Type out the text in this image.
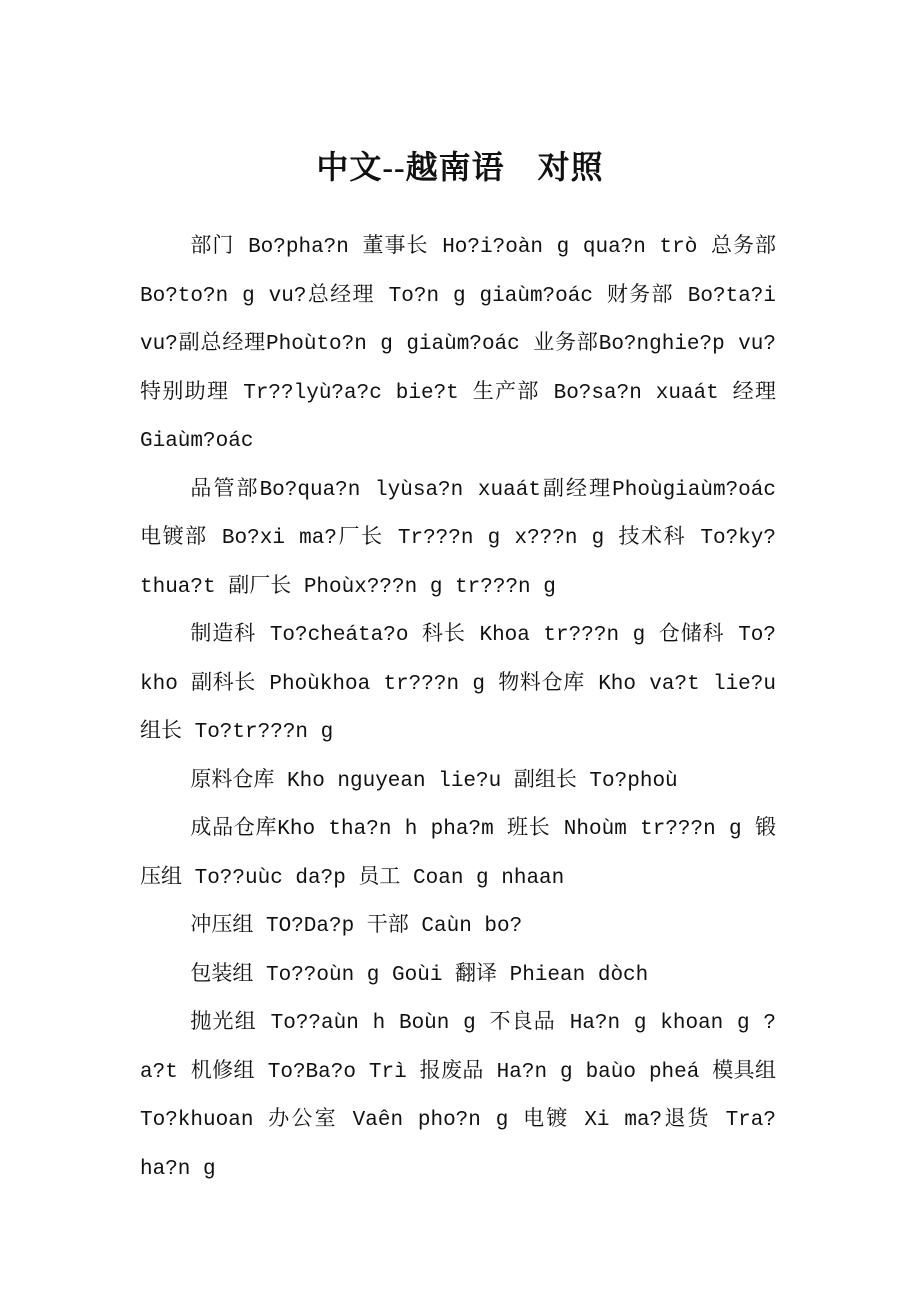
中文--越南语　对照

部门 Bo?pha?n 董事长 Ho?i?oàn g qua?n trò 总务部 Bo?to?n g vu?总经理 To?n g giaùm?oác 财务部 Bo?ta?i vu?副总经理Phoùto?n g giaùm?oác 业务部Bo?nghie?p vu?特别助理 Tr??lyù?a?c bie?t 生产部 Bo?sa?n xuaát 经理 Giaùm?oác

品管部Bo?qua?n lyùsa?n xuaát副经理Phoùgiaùm?oác 电镀部 Bo?xi ma?厂长 Tr???n g x???n g 技术科 To?ky?thua?t 副厂长 Phoùx???n g tr???n g

制造科 To?cheáta?o 科长 Khoa tr???n g 仓储科 To?kho 副科长 Phoùkhoa tr???n g 物料仓库 Kho va?t lie?u 组长 To?tr???n g

原料仓库 Kho nguyean lie?u 副组长 To?phoù

成品仓库Kho tha?n h pha?m 班长 Nhoùm tr???n g 锻压组 To??uùc da?p 员工 Coan g nhaan

冲压组 TO?Da?p 干部 Caùn bo?

包装组 To??oùn g Goùi 翻译 Phiean dòch

抛光组 To??aùn h Boùn g 不良品 Ha?n g khoan g ?a?t 机修组 To?Ba?o Trì 报废品 Ha?n g baùo pheá 模具组 To?khuoan 办公室 Vaên pho?n g 电镀 Xi ma?退货 Tra?ha?n g
